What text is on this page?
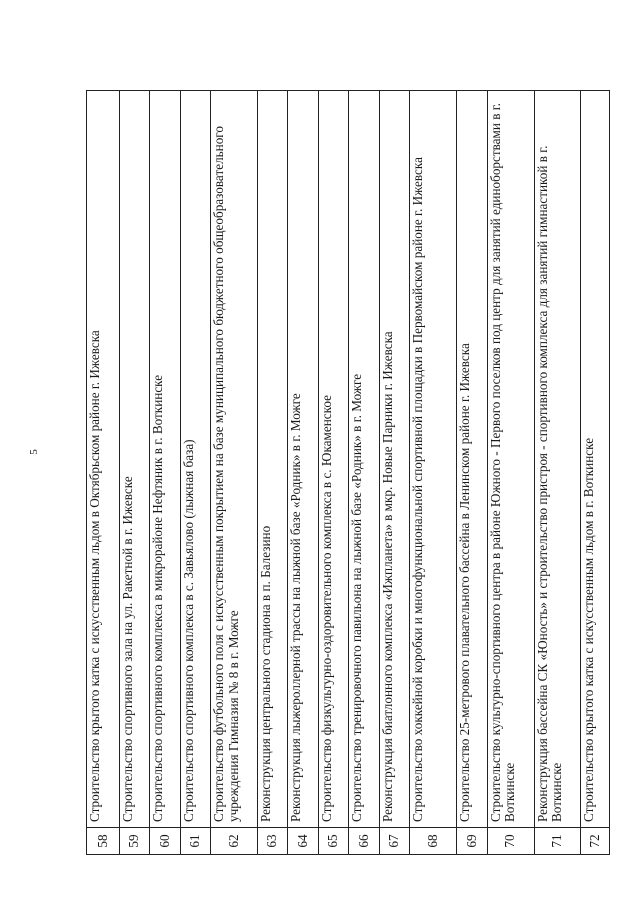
5
58	Строительство крытого катка с искусственным льдом в Октябрьском районе г. Ижевска
59	Строительство спортивного зала на ул. Ракетной в г. Ижевске
60	Строительство спортивного комплекса в микрорайоне Нефтяник в г. Воткинске
61	Строительство спортивного комплекса в с. Завьялово (лыжная база)
62	Строительство футбольного поля с искусственным покрытием на базе муниципального бюджетного общеобразовательного учреждения Гимназия № 8 в г. Можге
63	Реконструкция центрального стадиона в п. Балезино
64	Реконструкция лыжероллерной трассы на лыжной базе «Родник» в г. Можге
65	Строительство физкультурно-оздоровительного комплекса в с. Юкаменское
66	Строительство тренировочного павильона на лыжной базе «Родник» в г. Можге
67	Реконструкция биатлонного комплекса «Ижпланета» в мкр. Новые Парники г. Ижевска
68	Строительство хоккейной коробки и многофункциональной спортивной площадки в Первомайском районе г. Ижевска
69	Строительство 25-метрового плавательного бассейна в Ленинском районе г. Ижевска
70	Строительство культурно-спортивного центра в районе Южного - Первого поселков под центр для занятий единоборствами в г. Воткинске
71	Реконструкция бассейна СК «Юность» и строительство пристроя - спортивного комплекса для занятий гимнастикой в г. Воткинске
72	Строительство крытого катка с искусственным льдом в г. Воткинске
